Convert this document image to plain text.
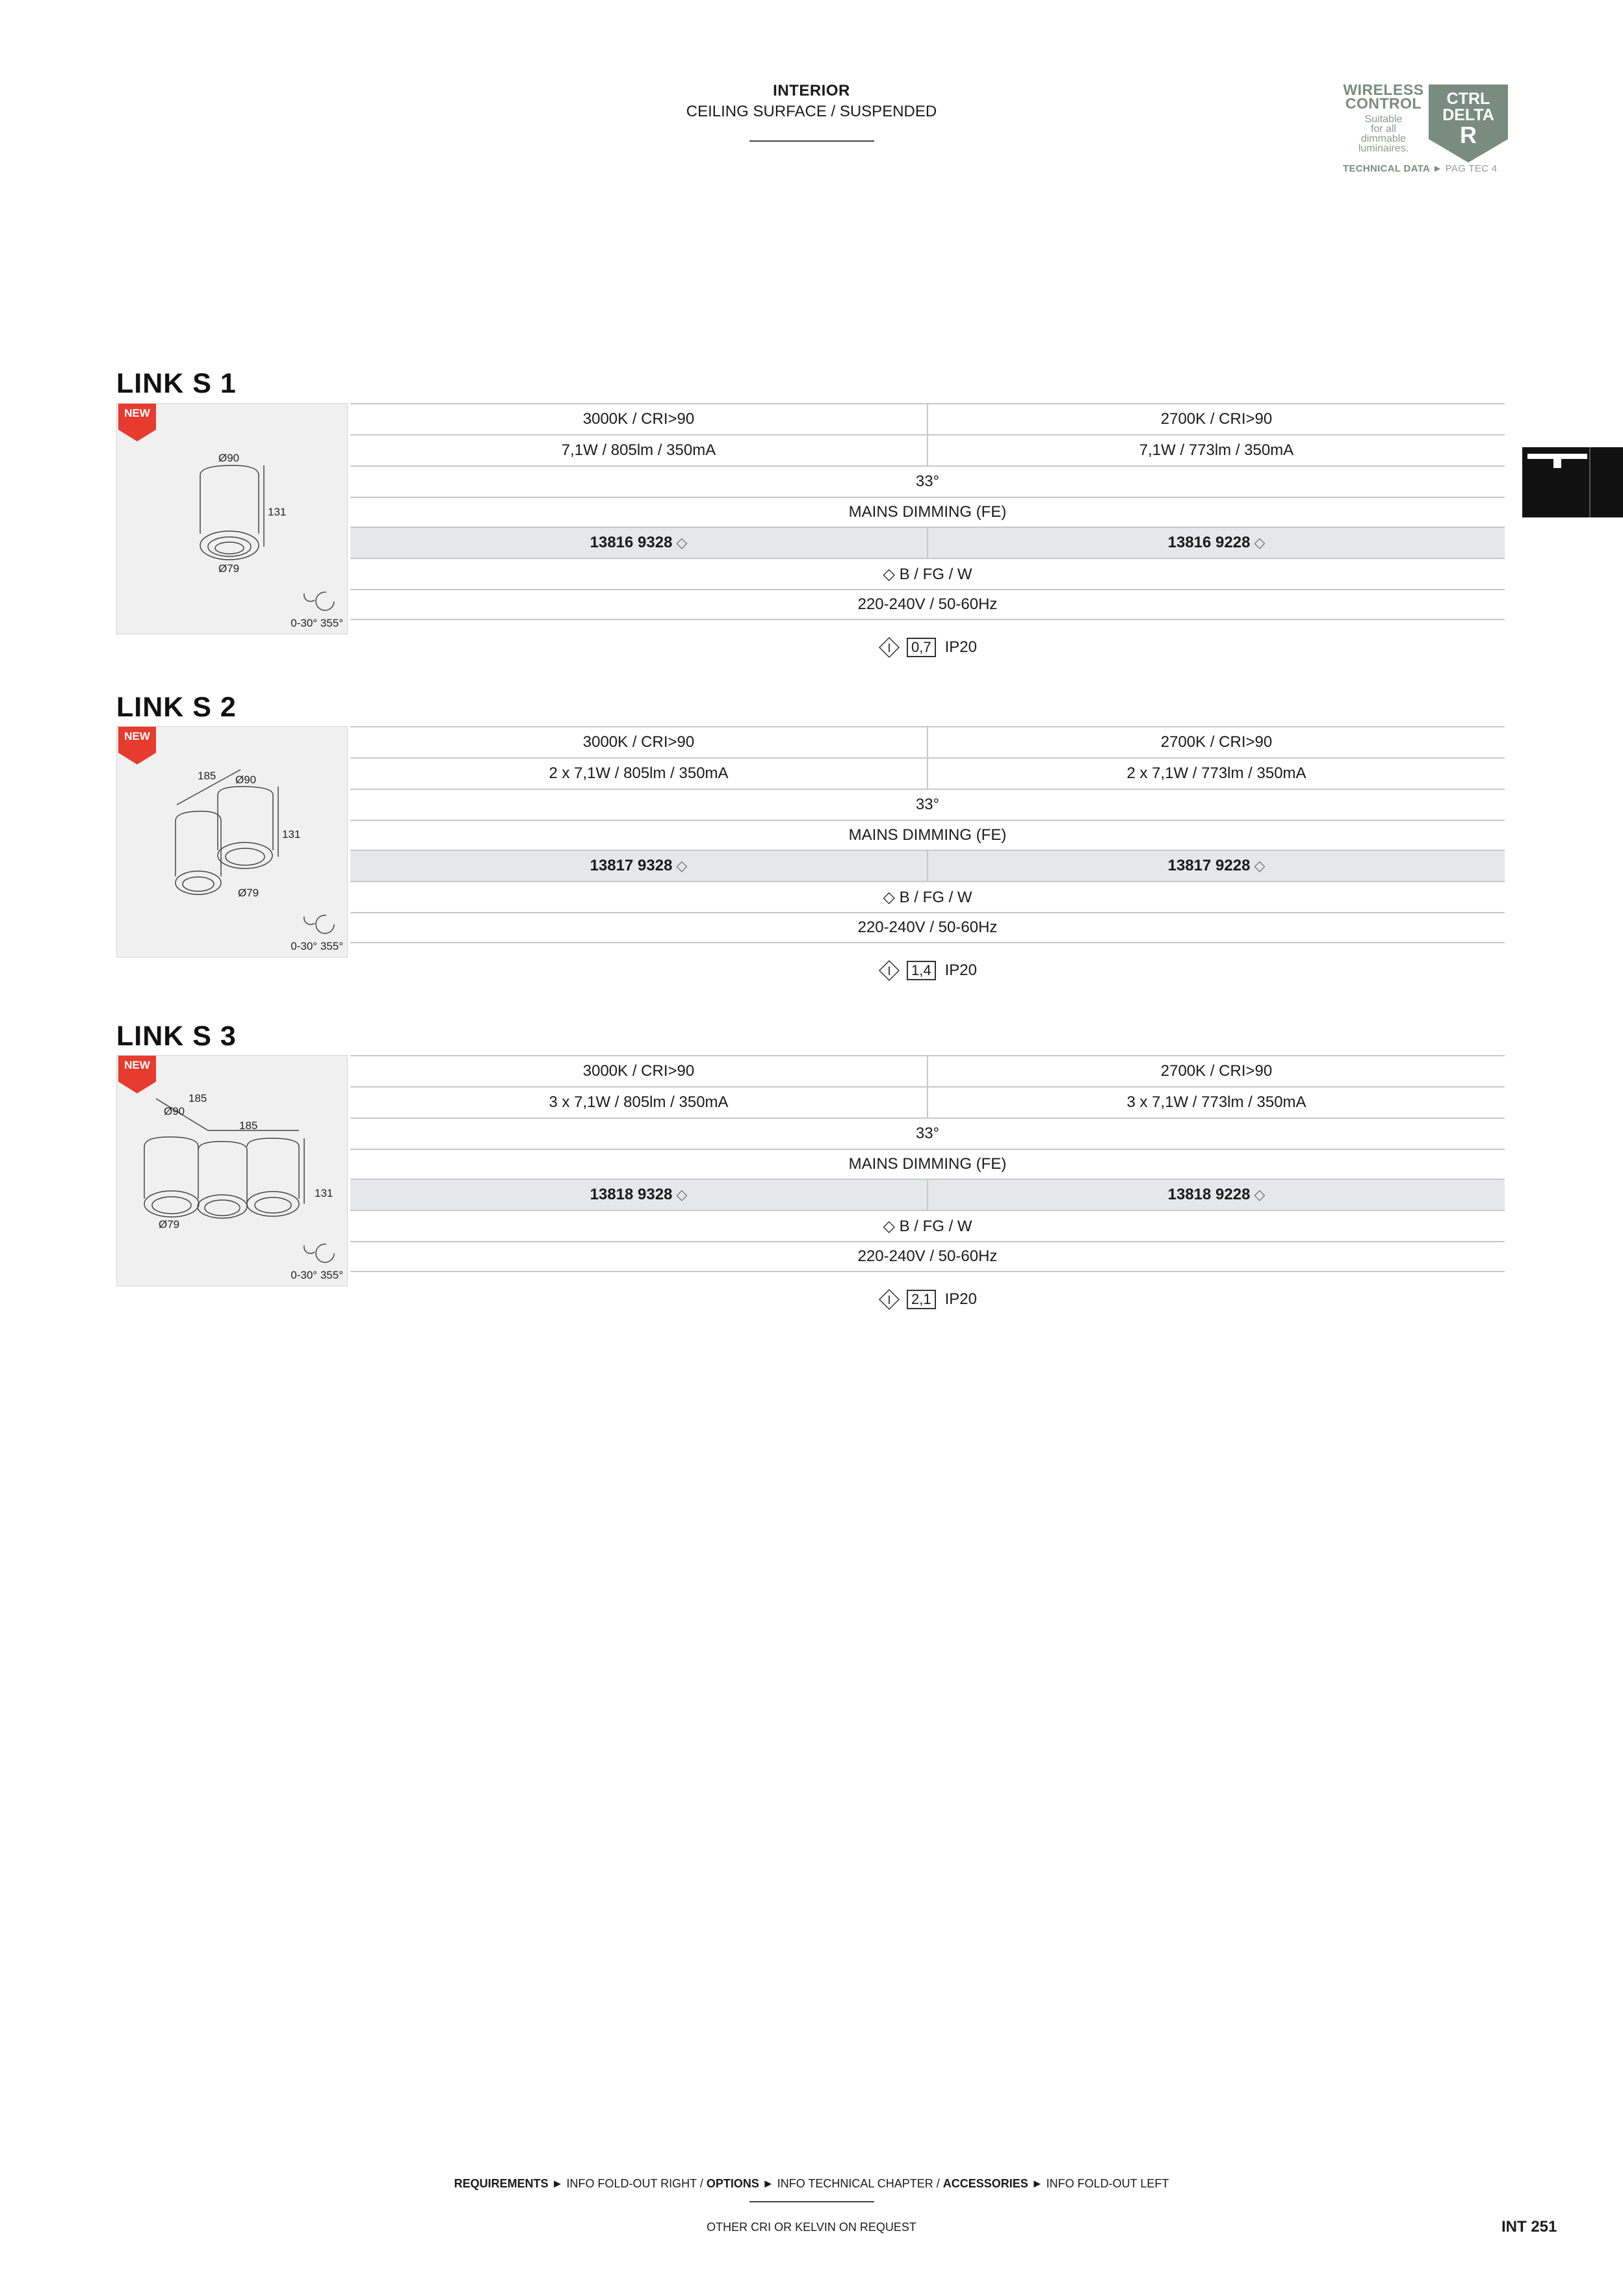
INTERIOR
CEILING SURFACE / SUSPENDED
WIRELESS
CONTROL
Suitable
for all
dimmable
luminaires.
CTRL
DELTA
R
TECHNICAL DATA ► PAG TEC 4
LINK S 1
NEW
Ø90
131
Ø79
0-30° 355°
3000K / CRI>90	2700K / CRI>90
7,1W / 805lm / 350mA	7,1W / 773lm / 350mA
33°
MAINS DIMMING (FE)
13816 9328 ◇	13816 9228 ◇
◇ B / FG / W
220-240V / 50-60Hz
I	0,7 IP20
LINK S 2
NEW
185 Ø90
131
Ø79
0-30° 355°
3000K / CRI>90	2700K / CRI>90
2 x 7,1W / 805lm / 350mA	2 x 7,1W / 773lm / 350mA
33°
MAINS DIMMING (FE)
13817 9328 ◇	13817 9228 ◇
◇ B / FG / W
220-240V / 50-60Hz
I	1,4 IP20
LINK S 3
NEW
185
Ø90
185
131
Ø79
0-30° 355°
3000K / CRI>90	2700K / CRI>90
3 x 7,1W / 805lm / 350mA	3 x 7,1W / 773lm / 350mA
33°
MAINS DIMMING (FE)
13818 9328 ◇	13818 9228 ◇
◇ B / FG / W
220-240V / 50-60Hz
I	2,1 IP20
REQUIREMENTS ► INFO FOLD-OUT RIGHT / OPTIONS ► INFO TECHNICAL CHAPTER / ACCESSORIES ► INFO FOLD-OUT LEFT
OTHER CRI OR KELVIN ON REQUEST	INT 251
